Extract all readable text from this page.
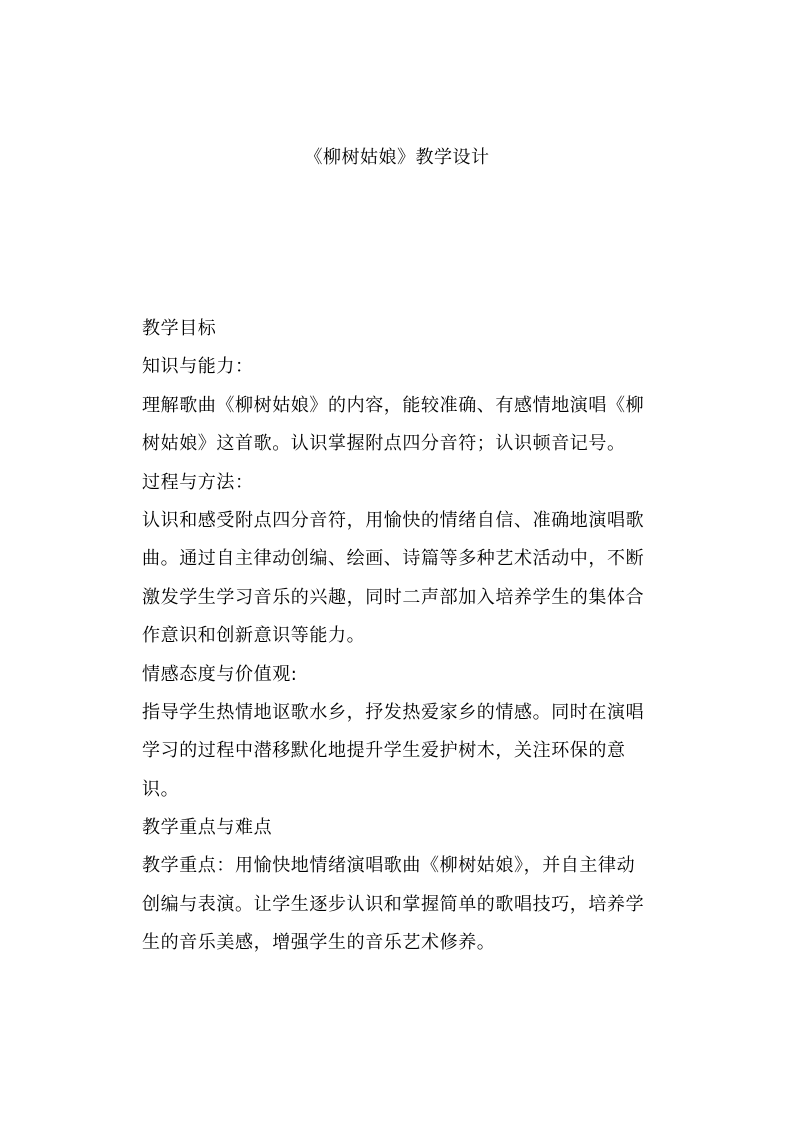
《柳树姑娘》教学设计
教学目标
知识与能力：
理解歌曲《柳树姑娘》的内容，能较准确、有感情地演唱《柳
树姑娘》这首歌。认识掌握附点四分音符；认识顿音记号。
过程与方法：
认识和感受附点四分音符，用愉快的情绪自信、准确地演唱歌
曲。通过自主律动创编、绘画、诗篇等多种艺术活动中，不断
激发学生学习音乐的兴趣，同时二声部加入培养学生的集体合
作意识和创新意识等能力。
情感态度与价值观:
指导学生热情地讴歌水乡，抒发热爱家乡的情感。同时在演唱
学习的过程中潜移默化地提升学生爱护树木，关注环保的意
识。
教学重点与难点
教学重点：用愉快地情绪演唱歌曲《柳树姑娘》，并自主律动
创编与表演。让学生逐步认识和掌握简单的歌唱技巧，培养学
生的音乐美感，增强学生的音乐艺术修养。
